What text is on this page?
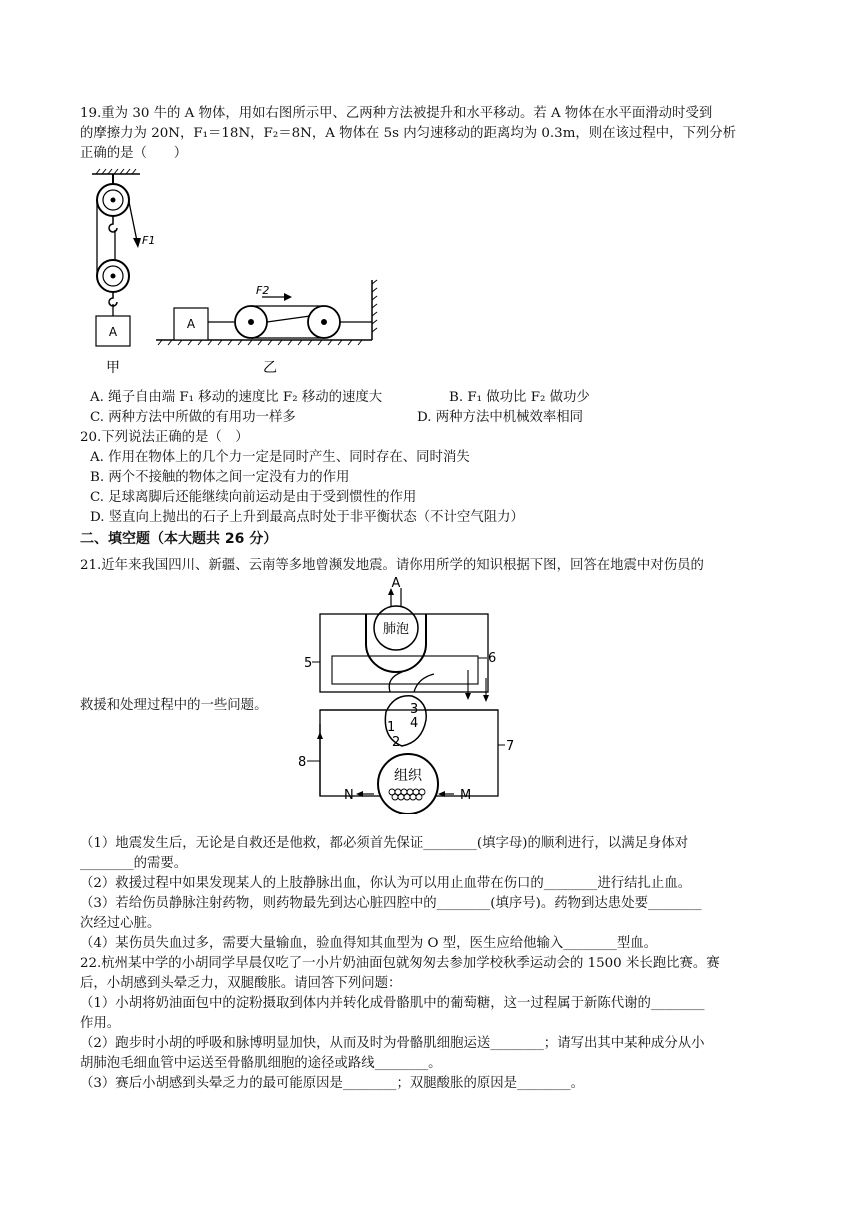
19.重为 30 牛的 A 物体，用如右图所示甲、乙两种方法被提升和水平移动。若 A 物体在水平面滑动时受到
的摩擦力为 20N，F₁＝18N，F₂＝8N，A 物体在 5s 内匀速移动的距离均为 0.3m，则在该过程中，下列分析
正确的是（　　）
F1
A
甲
A
F2
乙
A. 绳子自由端 F₁ 移动的速度比 F₂ 移动的速度大	B. F₁ 做功比 F₂ 做功少
C. 两种方法中所做的有用功一样多	D. 两种方法中机械效率相同
20.下列说法正确的是（　）
A. 作用在物体上的几个力一定是同时产生、同时存在、同时消失
B. 两个不接触的物体之间一定没有力的作用
C. 足球离脚后还能继续向前运动是由于受到惯性的作用
D. 竖直向上抛出的石子上升到最高点时处于非平衡状态（不计空气阻力）
二、填空题（本大题共 26 分）
21.近年来我国四川、新疆、云南等多地曾濒发地震。请你用所学的知识根据下图，回答在地震中对伤员的
A
肺泡
5	6
1
2
3
4
8
7
组织
N	M
救援和处理过程中的一些问题。
（1）地震发生后，无论是自救还是他救，都必须首先保证________(填字母)的顺利进行，以满足身体对
________的需要。
（2）救援过程中如果发现某人的上肢静脉出血，你认为可以用止血带在伤口的________进行结扎止血。
（3）若给伤员静脉注射药物，则药物最先到达心脏四腔中的________(填序号)。药物到达患处要________
次经过心脏。
（4）某伤员失血过多，需要大量输血，验血得知其血型为 O 型，医生应给他输入________型血。
22.杭州某中学的小胡同学早晨仅吃了一小片奶油面包就匆匆去参加学校秋季运动会的 1500 米长跑比赛。赛
后，小胡感到头晕乏力，双腿酸胀。请回答下列问题：
（1）小胡将奶油面包中的淀粉摄取到体内并转化成骨骼肌中的葡萄糖，这一过程属于新陈代谢的________
作用。
（2）跑步时小胡的呼吸和脉博明显加快，从而及时为骨骼肌细胞运送________；请写出其中某种成分从小
胡肺泡毛细血管中运送至骨骼肌细胞的途径或路线________。
（3）赛后小胡感到头晕乏力的最可能原因是________；双腿酸胀的原因是________。
